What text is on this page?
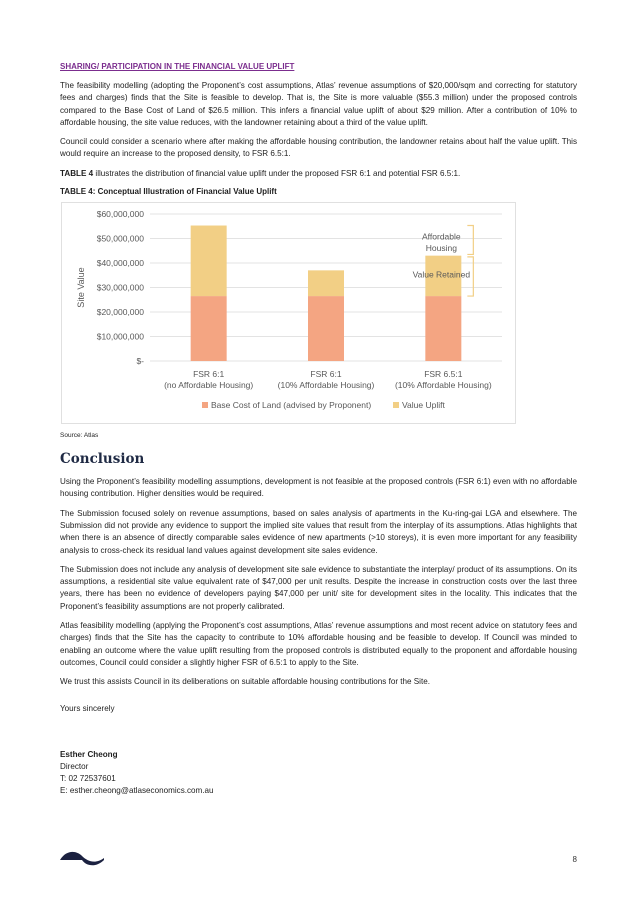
SHARING/ PARTICIPATION IN THE FINANCIAL VALUE UPLIFT

The feasibility modelling (adopting the Proponent’s cost assumptions, Atlas’ revenue assumptions of $20,000/sqm and correcting for statutory fees and charges) finds that the Site is feasible to develop. That is, the Site is more valuable ($55.3 million) under the proposed controls compared to the Base Cost of Land of $26.5 million. This infers a financial value uplift of about $29 million. After a contribution of 10% to affordable housing, the site value reduces, with the landowner retaining about a third of the value uplift.

Council could consider a scenario where after making the affordable housing contribution, the landowner retains about half the value uplift. This would require an increase to the proposed density, to FSR 6.5:1.

TABLE 4 illustrates the distribution of financial value uplift under the proposed FSR 6:1 and potential FSR 6.5:1.

TABLE 4: Conceptual Illustration of Financial Value Uplift
$-
$10,000,000
$20,000,000
$30,000,000
$40,000,000
$50,000,000
$60,000,000
Site Value
FSR 6:1
(no Affordable Housing)
FSR 6:1
(10% Affordable Housing)
FSR 6.5:1
(10% Affordable Housing)
Affordable
Housing
Value Retained
Base Cost of Land (advised by Proponent)	Value Uplift
Source: Atlas
Conclusion

Using the Proponent’s feasibility modelling assumptions, development is not feasible at the proposed controls (FSR 6:1) even with no affordable housing contribution. Higher densities would be required.

The Submission focused solely on revenue assumptions, based on sales analysis of apartments in the Ku-ring-gai LGA and elsewhere. The Submission did not provide any evidence to support the implied site values that result from the interplay of its assumptions. Atlas highlights that when there is an absence of directly comparable sales evidence of new apartments (>10 storeys), it is even more important for any feasibility analysis to cross-check its residual land values against development site sales evidence.

The Submission does not include any analysis of development site sale evidence to substantiate the interplay/ product of its assumptions. On its assumptions, a residential site value equivalent rate of $47,000 per unit results. Despite the increase in construction costs over the last three years, there has been no evidence of developers paying $47,000 per unit/ site for development sites in the locality. This indicates that the Proponent’s feasibility assumptions are not properly calibrated.

Atlas feasibility modelling (applying the Proponent’s cost assumptions, Atlas’ revenue assumptions and most recent advice on statutory fees and charges) finds that the Site has the capacity to contribute to 10% affordable housing and be feasible to develop. If Council was minded to enabling an outcome where the value uplift resulting from the proposed controls is distributed equally to the proponent and affordable housing outcomes, Council could consider a slightly higher FSR of 6.5:1 to apply to the Site.

We trust this assists Council in its deliberations on suitable affordable housing contributions for the Site.

Yours sincerely
Esther Cheong
Director
T: 02 72537601
E: esther.cheong@atlaseconomics.com.au
8
